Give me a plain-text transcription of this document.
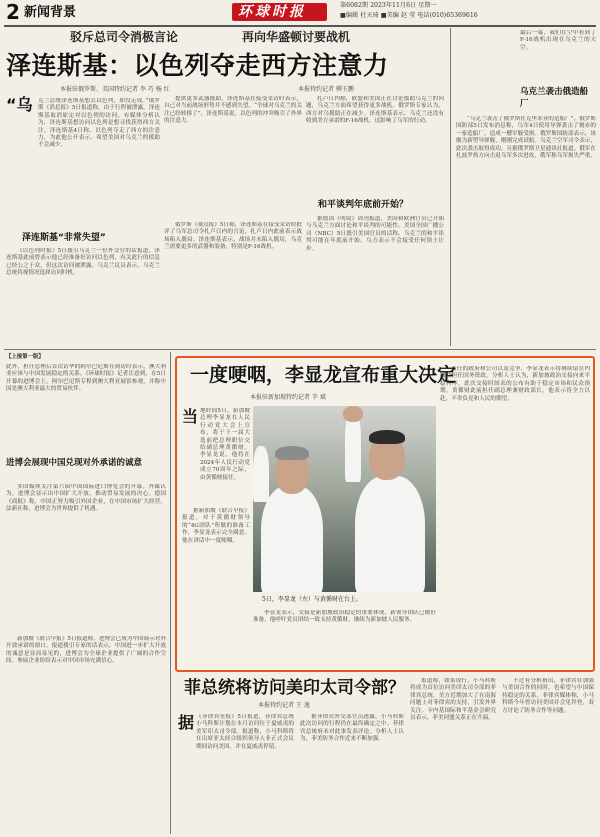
2 新闻背景	环球时报	第6082期 2023年11月6日 星期一
■编辑 杜天琦 ■美编 赵 莹 电话(010)65369616
驳斥总司令消极言论	再向华盛顿讨要战机
泽连斯基：以色列夺走西方注意力
本报驻俄罗斯、美国特约记者 李 巧 杨 红	本报特约记者 柳玉鹏
“乌 克兰总统泽连斯基想去以色列，却没走成。”俄罗斯《消息报》5日报道称，由于行程被泄露，泽连斯基取消原定对以色列的访问。有媒体分析认为，泽连斯基想访问以色列是想寻找获得西方关注。泽连斯基4日称，以色列夺走了西方的注意力，为此他公开表示，希望美国对乌克兰的援助不会减少。
泽连斯基“非常失望”
《以色列时报》5日援引乌克兰一位外交官的话报道，泽连斯基此前曾表示他已经准备好访问以色列，有关此行的信息已经公之于众，但这次访问被泄露。乌克兰议员表示，乌克兰总统将视情况选择访问时机。
提供更多武器援助。泽连斯基在接受采访时表示，自己对当前战场形势并不感到失望。“全球对乌克兰的关注已经转移了”，泽连斯基说，以色列的冲突吸引了外界的注意力。
俄罗斯《观点报》5日称，泽连斯基在接受采访时批评了乌军总司令扎卢日内的言论，扎卢日内此前表示战场陷入僵局。泽连斯基表示，战场并未陷入僵局，乌克兰需要更多的武器和装备，特别是F-16战机。
扎卢日内称，欧盟和美国正在讨论援助乌克兰的问题，乌克兰方面希望获得更多战机。俄罗斯专家认为，西方对乌援助正在减少。泽连斯基表示，乌克兰还没有收到美方承诺的F-16战机，这影响了乌军的行动。
和平谈判年底前开始？
据德国《明镜》周刊报道，美国和欧洲官员已开始与乌克兰方面讨论和平谈判的可能性。美国全国广播公司（NBC）5日援引美国官员的话称，乌克兰的和平谈判可能在年底前开始。乌方表示不会接受任何领土让步。
最后一幕，我们在空中看到了F-16战机出现在乌克兰的天空。
乌克兰袭击俄造船厂
“乌克兰袭击了俄罗斯在克里米亚的造船厂”，俄罗斯国防部5日发布消息称，乌军4日使用导弹袭击了刻赤的一家造船厂，造成一艘军舰受损。俄罗斯国防部表示，该舰为新型导弹舰，刚刚完成试航。乌克兰空军司令表示，此次袭击取得成功。另据俄罗斯卫星通讯社报道，俄军在扎波罗热方向击退乌军多次进攻，俄军称乌军损失严重。
【上接第一版】
此外，担任总理后首次访华的阿尔巴尼斯在到访时表示，澳大利亚应该与中国发展稳定的关系。《环球时报》记者注意到，在5日开幕的进博会上，阿尔巴尼斯专程到澳大利亚展馆参观，并称中国是澳大利亚最大的贸易伙伴。
进博会展现中国兑现对外承诺的诚意
多国媒体关注第六届中国国际进口博览会的开幕。外媒认为，进博会显示出中国扩大开放、推动贸易发展的决心。德国《商报》称，中国正努力吸引外国企业，在中国市场扩大经营。法新社称，进博会为世界提供了机遇。
新加坡《联合早报》5日报道称，进博会已成为中国展示对外开放承诺的窗口。报道援引专家的话表示，中国进一步扩大开放的诚意是显而易见的，进博会为全球企业提供了广阔的合作空间。参展企业纷纷表示对中国市场充满信心。
一度哽咽，李显龙宣布重大决定
本报驻新加坡特约记者 辛 斌
当 地时间5日，新加坡总理李显龙在人民行动党大会上宣布，将于下一届大选前把总理职位交给副总理黄循财。李显龙说，他将在2024年人民行动党成立70周年之际，由黄循财接任。
据新加坡《联合早报》报道，对于黄循财领导的“4G团队”所做的准备工作，李显龙表示完全满意。他在讲话中一度哽咽。
5日，李显龙（左）与黄循财在台上。
李显龙表示，交接是新加坡政治稳定的重要体现，新领导团队已做好准备。他呼吁党员团结一致支持黄循财，继续为新加坡人民服务。
责任的政府和公司以及竞争，李显龙表示将继续留在内阁并担任国务资政。分析人士认为，新加坡政治交接向来平稳有序，此次交接时间表的公布有助于稳定市场和民众预期。黄循财此前担任副总理兼财政部长，他表示将全力以赴，不辜负党和人民的期望。
菲总统将访问美印太司令部？
本报特约记者 王 逸
据 《菲律宾星报》5日报道，菲律宾总统小马科斯计划在本月访问位于夏威夷的美军印太司令部。报道称，小马科斯将在出席亚太经合组织领导人非正式会议期间访问美国，并在夏威夷停留。
据菲律宾外交部官员透露，小马科斯此次访问的行程仍在最终确定之中。菲律宾总统府未对此事发表评论。分析人士认为，菲美防务合作近来不断加强。
报道称，如果成行，小马科斯将成为首位访问美印太司令部的菲律宾总统。美方近期加大了在南海问题上对菲律宾的支持，引发外界关注。卡内基国际和平基金会研究员表示，菲美同盟关系正在升温。
不过有分析指出，菲律宾在加强与美国合作的同时，也希望与中国保持稳定的关系。菲律宾媒体称，小马科斯今年曾访问美国并会见拜登，双方讨论了防务合作等问题。
